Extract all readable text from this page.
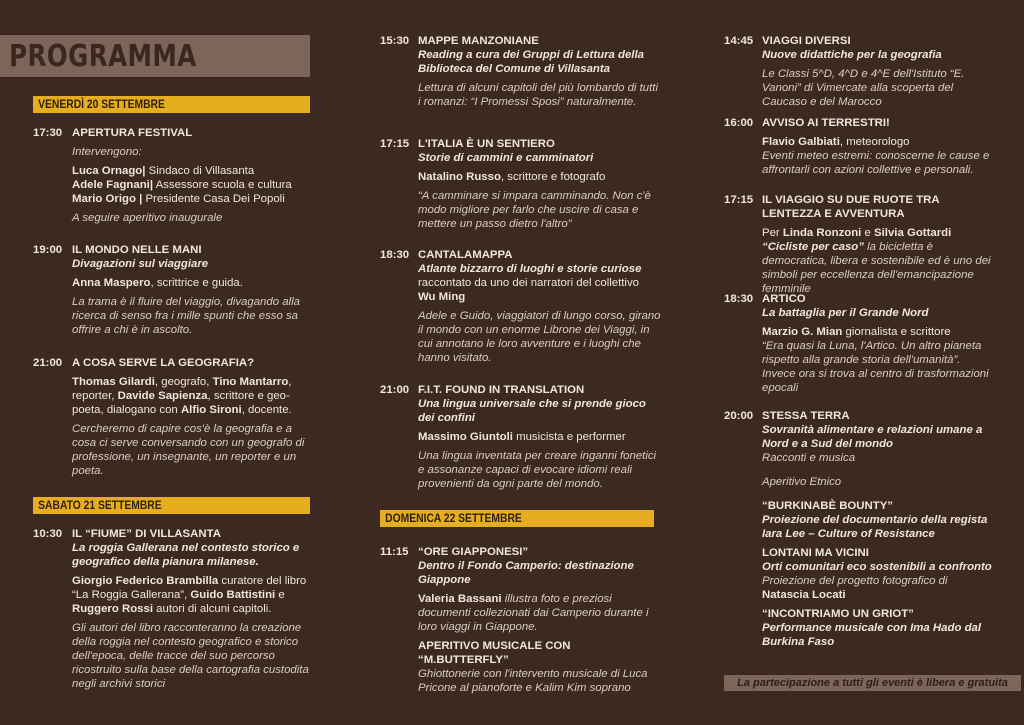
PROGRAMMA
VENERDÌ 20 SETTEMBRE
17:30 APERTURA FESTIVAL
Intervengono:
Luca Ornago| Sindaco di Villasanta
Adele Fagnani| Assessore scuola e cultura
Mario Origo | Presidente Casa Dei Popoli
A seguire aperitivo inaugurale
19:00 IL MONDO NELLE MANI
Divagazioni sul viaggiare
Anna Maspero, scrittrice e guida.
La trama è il fluire del viaggio, divagando alla ricerca di senso fra i mille spunti che esso sa offrire a chi è in ascolto.
21:00 A COSA SERVE LA GEOGRAFIA?
Thomas Gilardi, geografo, Tino Mantarro, reporter, Davide Sapienza, scrittore e geo-poeta, dialogano con Alfio Sironi, docente.
Cercheremo di capire cos'è la geografia e a cosa ci serve conversando con un geografo di professione, un insegnante, un reporter e un poeta.
SABATO 21 SETTEMBRE
10:30 IL “FIUME” DI VILLASANTA
La roggia Gallerana nel contesto storico e geografico della pianura milanese.
Giorgio Federico Brambilla curatore del libro “La Roggia Gallerana”, Guido Battistini e Ruggero Rossi autori di alcuni capitoli.
Gli autori del libro racconteranno la creazione della roggia nel contesto geografico e storico dell'epoca, delle tracce del suo percorso ricostruito sulla base della cartografia custodita negli archivi storici
15:30 MAPPE MANZONIANE
Reading a cura dei Gruppi di Lettura della Biblioteca del Comune di Villasanta
Lettura di alcuni capitoli del più lombardo di tutti i romanzi: “I Promessi Sposi” naturalmente.
17:15 L'ITALIA È UN SENTIERO
Storie di cammini e camminatori
Natalino Russo, scrittore e fotografo
“A camminare si impara camminando. Non c'è modo migliore per farlo che uscire di casa e mettere un passo dietro l'altro”
18:30 CANTALAMAPPA
Atlante bizzarro di luoghi e storie curiose
raccontato da uno dei narratori del collettivo
Wu Ming
Adele e Guido, viaggiatori di lungo corso, girano il mondo con un enorme Librone dei Viaggi, in cui annotano le loro avventure e i luoghi che hanno visitato.
21:00 F.I.T. FOUND IN TRANSLATION
Una lingua universale che si prende gioco dei confini
Massimo Giuntoli musicista e performer
Una lingua inventata per creare inganni fonetici e assonanze capaci di evocare idiomi reali provenienti da ogni parte del mondo.
DOMENICA 22 SETTEMBRE
11:15 “ORE GIAPPONESI”
Dentro il Fondo Camperio: destinazione Giappone
Valeria Bassani illustra foto e preziosi documenti collezionati dai Camperio durante i loro viaggi in Giappone.
APERITIVO MUSICALE CON “M.BUTTERFLY”
Ghiottonerie con l'intervento musicale di Luca Pricone al pianoforte e Kalim Kim soprano
14:45 VIAGGI DIVERSI
Nuove didattiche per la geografia
Le Classi 5^D, 4^D e 4^E dell'Istituto “E. Vanoni” di Vimercate alla scoperta del Caucaso e del Marocco
16:00 AVVISO AI TERRESTRI!
Flavio Galbiati, meteorologo
Eventi meteo estremi: conoscerne le cause e affrontarli con azioni collettive e personali.
17:15 IL VIAGGIO SU DUE RUOTE TRA LENTEZZA E AVVENTURA
Per Linda Ronzoni e Silvia Gottardi
“Cicliste per caso” la bicicletta è democratica, libera e sostenibile ed è uno dei simboli per eccellenza dell'emancipazione femminile
18:30 ARTICO
La battaglia per il Grande Nord
Marzio G. Mian giornalista e scrittore
“Era quasi la Luna, l'Artico. Un altro pianeta rispetto alla grande storia dell'umanità”. Invece ora si trova al centro di trasformazioni epocali
20:00 STESSA TERRA
Sovranità alimentare e relazioni umane a Nord e a Sud del mondo
Racconti e musica
Aperitivo Etnico
“BURKINABÈ BOUNTY”
Proiezione del documentario della regista Iara Lee – Culture of Resistance
LONTANI MA VICINI
Orti comunitari eco sostenibili a confronto
Proiezione del progetto fotografico di
Natascia Locati
“INCONTRIAMO UN GRIOT”
Performance musicale con Ima Hado dal Burkina Faso
La partecipazione a tutti gli eventi è libera e gratuita
